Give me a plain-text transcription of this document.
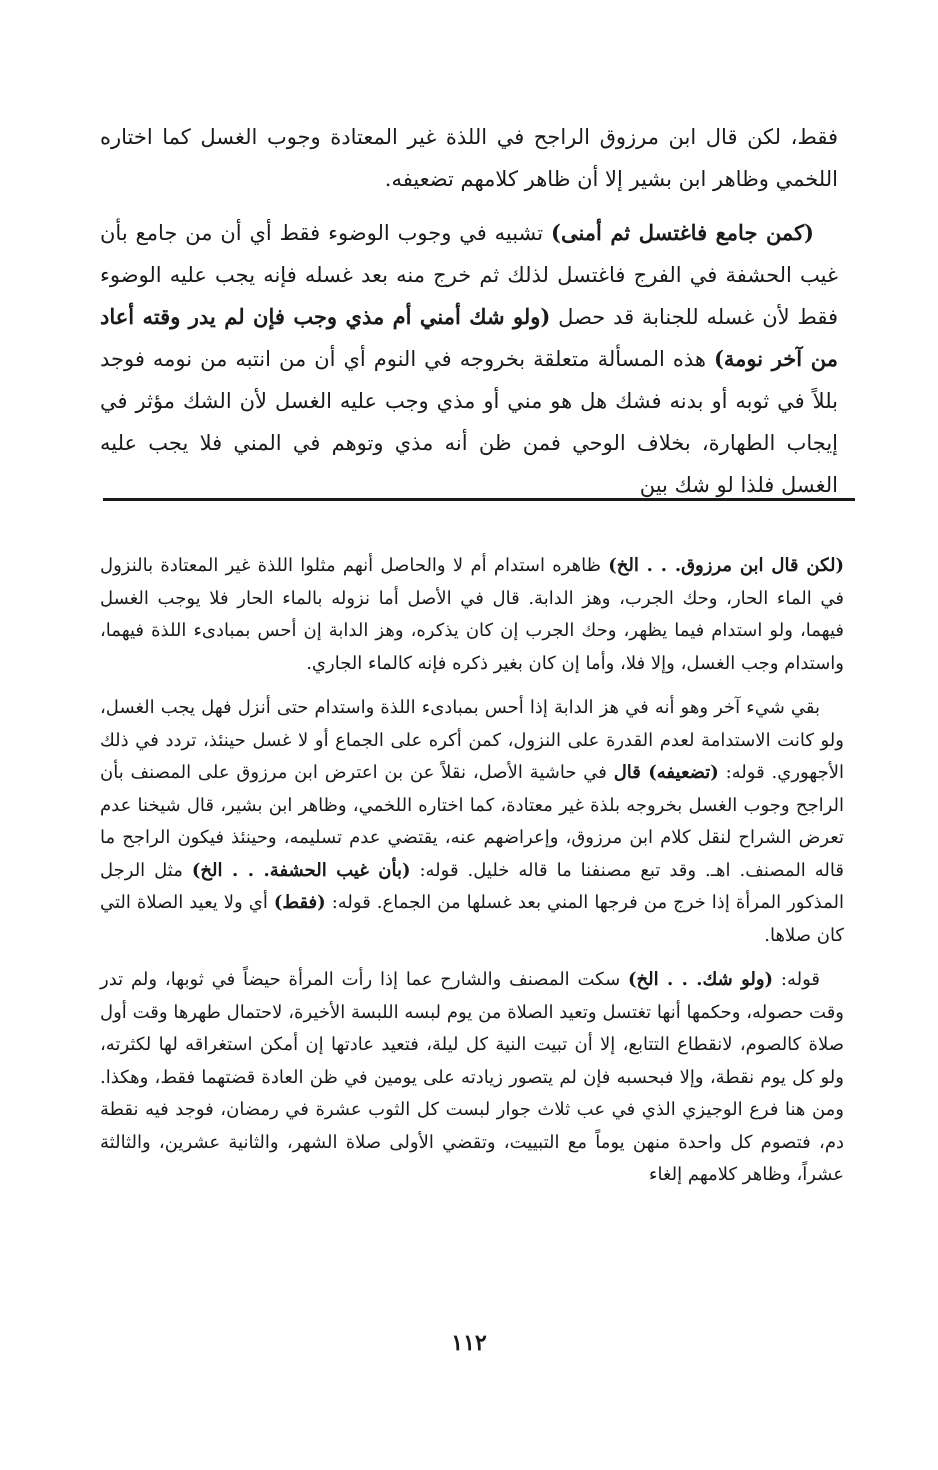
فقط، لكن قال ابن مرزوق الراجح في اللذة غير المعتادة وجوب الغسل كما اختاره اللخمي وظاهر ابن بشير إلا أن ظاهر كلامهم تضعيفه.

(كمن جامع فاغتسل ثم أمنى) تشبيه في وجوب الوضوء فقط أي أن من جامع بأن غيب الحشفة في الفرج فاغتسل لذلك ثم خرج منه بعد غسله فإنه يجب عليه الوضوء فقط لأن غسله للجنابة قد حصل (ولو شك أمني أم مذي وجب فإن لم يدر وقته أعاد من آخر نومة) هذه المسألة متعلقة بخروجه في النوم أي أن من انتبه من نومه فوجد بللاً في ثوبه أو بدنه فشك هل هو مني أو مذي وجب عليه الغسل لأن الشك مؤثر في إيجاب الطهارة، بخلاف الوحي فمن ظن أنه مذي وتوهم في المني فلا يجب عليه الغسل فلذا لو شك بين

(لكن قال ابن مرزوق. . . الخ) ظاهره استدام أم لا والحاصل أنهم مثلوا اللذة غير المعتادة بالنزول في الماء الحار، وحك الجرب، وهز الدابة. قال في الأصل أما نزوله بالماء الحار فلا يوجب الغسل فيهما، ولو استدام فيما يظهر، وحك الجرب إن كان يذكره، وهز الدابة إن أحس بمبادىء اللذة فيهما، واستدام وجب الغسل، وإلا فلا، وأما إن كان بغير ذكره فإنه كالماء الجاري.

بقي شيء آخر وهو أنه في هز الدابة إذا أحس بمبادىء اللذة واستدام حتى أنزل فهل يجب الغسل، ولو كانت الاستدامة لعدم القدرة على النزول، كمن أكره على الجماع أو لا غسل حينئذ، تردد في ذلك الأجهوري. قوله: (تضعيفه) قال في حاشية الأصل، نقلاً عن بن اعترض ابن مرزوق على المصنف بأن الراجح وجوب الغسل بخروجه بلذة غير معتادة، كما اختاره اللخمي، وظاهر ابن بشير، قال شيخنا عدم تعرض الشراح لنقل كلام ابن مرزوق، وإعراضهم عنه، يقتضي عدم تسليمه، وحينئذ فيكون الراجح ما قاله المصنف. اهـ. وقد تبع مصنفنا ما قاله خليل. قوله: (بأن غيب الحشفة. . . الخ) مثل الرجل المذكور المرأة إذا خرج من فرجها المني بعد غسلها من الجماع. قوله: (فقط) أي ولا يعيد الصلاة التي كان صلاها.

قوله: (ولو شك. . . الخ) سكت المصنف والشارح عما إذا رأت المرأة حيضاً في ثوبها، ولم تدر وقت حصوله، وحكمها أنها تغتسل وتعيد الصلاة من يوم لبسه اللبسة الأخيرة، لاحتمال طهرها وقت أول صلاة كالصوم، لانقطاع التتابع، إلا أن تبيت النية كل ليلة، فتعيد عادتها إن أمكن استغراقه لها لكثرته، ولو كل يوم نقطة، وإلا فبحسبه فإن لم يتصور زيادته على يومين في ظن العادة قضتهما فقط، وهكذا. ومن هنا فرع الوجيزي الذي في عب ثلاث جوار لبست كل الثوب عشرة في رمضان، فوجد فيه نقطة دم، فتصوم كل واحدة منهن يوماً مع التبييت، وتقضي الأولى صلاة الشهر، والثانية عشرين، والثالثة عشراً، وظاهر كلامهم إلغاء

١١٢
